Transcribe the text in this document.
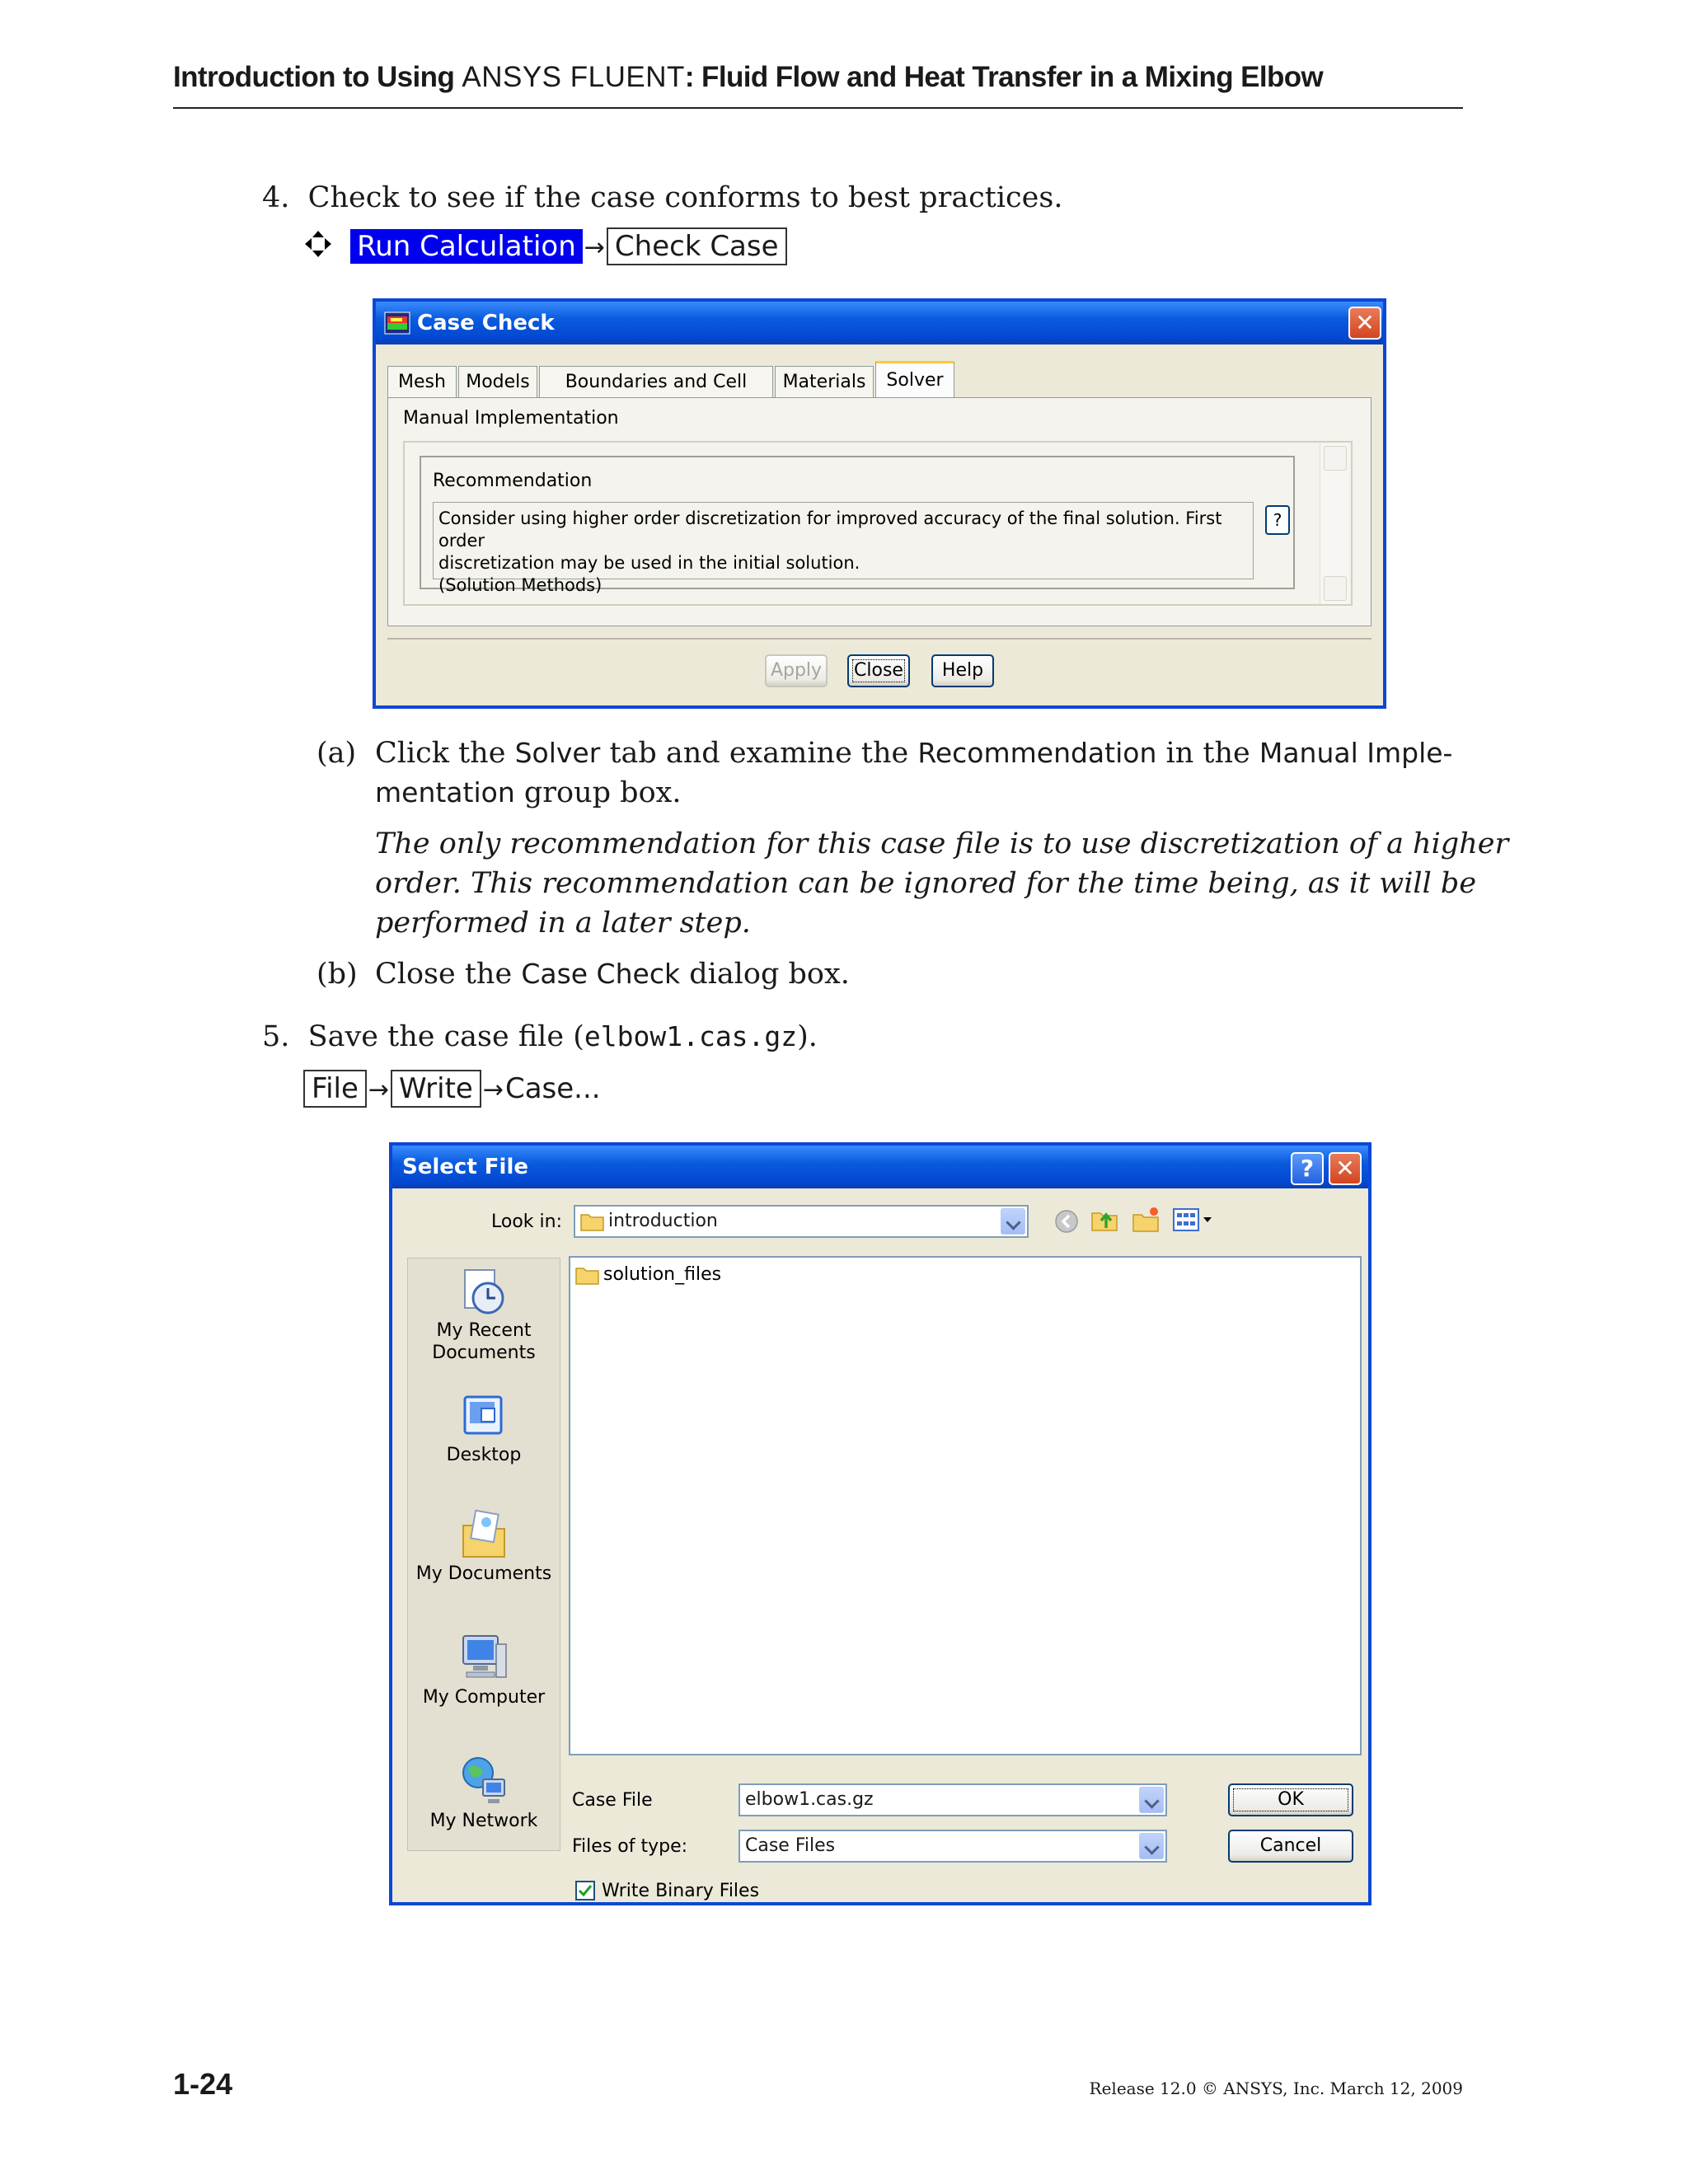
Introduction to Using ANSYS FLUENT: Fluid Flow and Heat Transfer in a Mixing Elbow
4. Check to see if the case conforms to best practices.
Run Calculation → Check Case
Case Check	✕
Mesh	Models	Boundaries and Cell	Materials	Solver
Manual Implementation
Recommendation
Consider using higher order discretization for improved accuracy of the final solution. First order
discretization may be used in the initial solution.
(Solution Methods)
?
Apply	Close	Help
(a) Click the Solver tab and examine the Recommendation in the Manual Imple-
mentation group box.
The only recommendation for this case file is to use discretization of a higher
order. This recommendation can be ignored for the time being, as it will be
performed in a later step.
(b) Close the Case Check dialog box.
5. Save the case file (elbow1.cas.gz).
File → Write →Case...
Select File	? ✕
Look in:	introduction
My Recent
Documents
Desktop
My Documents
My Computer
My Network
solution_files
Case File	elbow1.cas.gz
Files of type:	Case Files
OK
Cancel
Write Binary Files
1-24	Release 12.0 © ANSYS, Inc. March 12, 2009
